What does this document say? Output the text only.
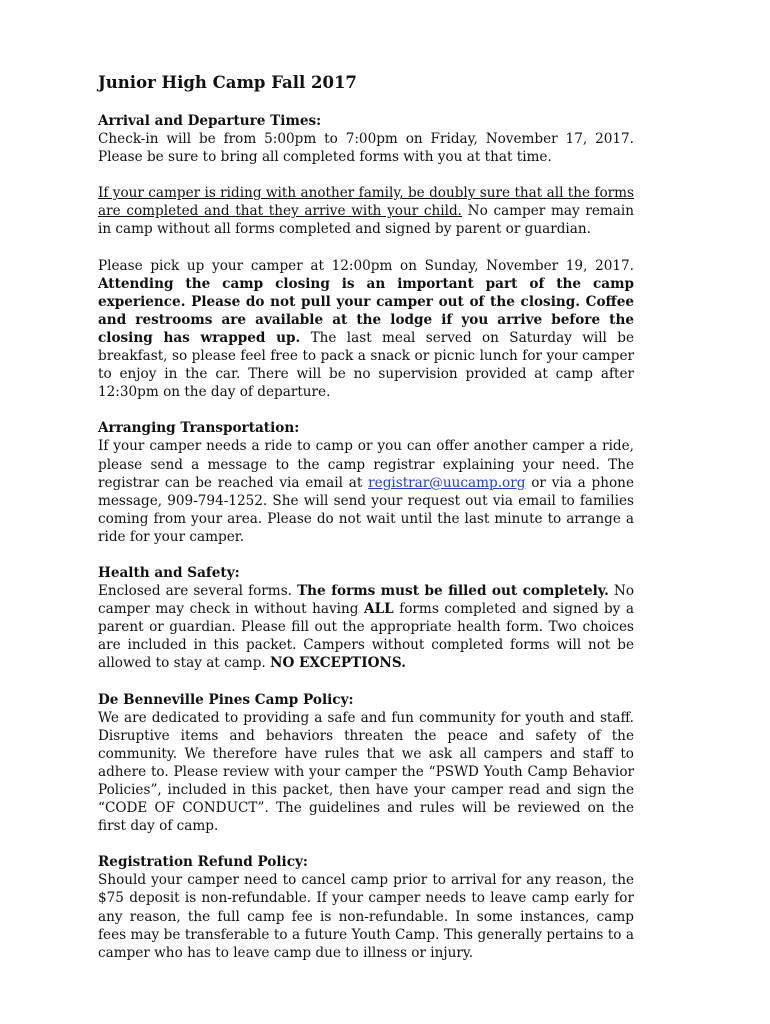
Junior High Camp Fall 2017
Arrival and Departure Times:

Check-in will be from 5:00pm to 7:00pm on Friday, November 17, 2017. Please be sure to bring all completed forms with you at that time.

If your camper is riding with another family, be doubly sure that all the forms are completed and that they arrive with your child. No camper may remain in camp without all forms completed and signed by parent or guardian.

Please pick up your camper at 12:00pm on Sunday, November 19, 2017. Attending the camp closing is an important part of the camp experience. Please do not pull your camper out of the closing. Coffee and restrooms are available at the lodge if you arrive before the closing has wrapped up. The last meal served on Saturday will be breakfast, so please feel free to pack a snack or picnic lunch for your camper to enjoy in the car. There will be no supervision provided at camp after 12:30pm on the day of departure.

Arranging Transportation:

If your camper needs a ride to camp or you can offer another camper a ride, please send a message to the camp registrar explaining your need. The registrar can be reached via email at registrar@uucamp.org or via a phone message, 909-794-1252. She will send your request out via email to families coming from your area. Please do not wait until the last minute to arrange a ride for your camper.

Health and Safety:

Enclosed are several forms. The forms must be filled out completely. No camper may check in without having ALL forms completed and signed by a parent or guardian. Please fill out the appropriate health form. Two choices are included in this packet. Campers without completed forms will not be allowed to stay at camp. NO EXCEPTIONS.

De Benneville Pines Camp Policy:

We are dedicated to providing a safe and fun community for youth and staff. Disruptive items and behaviors threaten the peace and safety of the community. We therefore have rules that we ask all campers and staff to adhere to. Please review with your camper the “PSWD Youth Camp Behavior Policies”, included in this packet, then have your camper read and sign the “CODE OF CONDUCT”. The guidelines and rules will be reviewed on the first day of camp.

Registration Refund Policy:

Should your camper need to cancel camp prior to arrival for any reason, the $75 deposit is non-refundable. If your camper needs to leave camp early for any reason, the full camp fee is non-refundable. In some instances, camp fees may be transferable to a future Youth Camp. This generally pertains to a camper who has to leave camp due to illness or injury.
